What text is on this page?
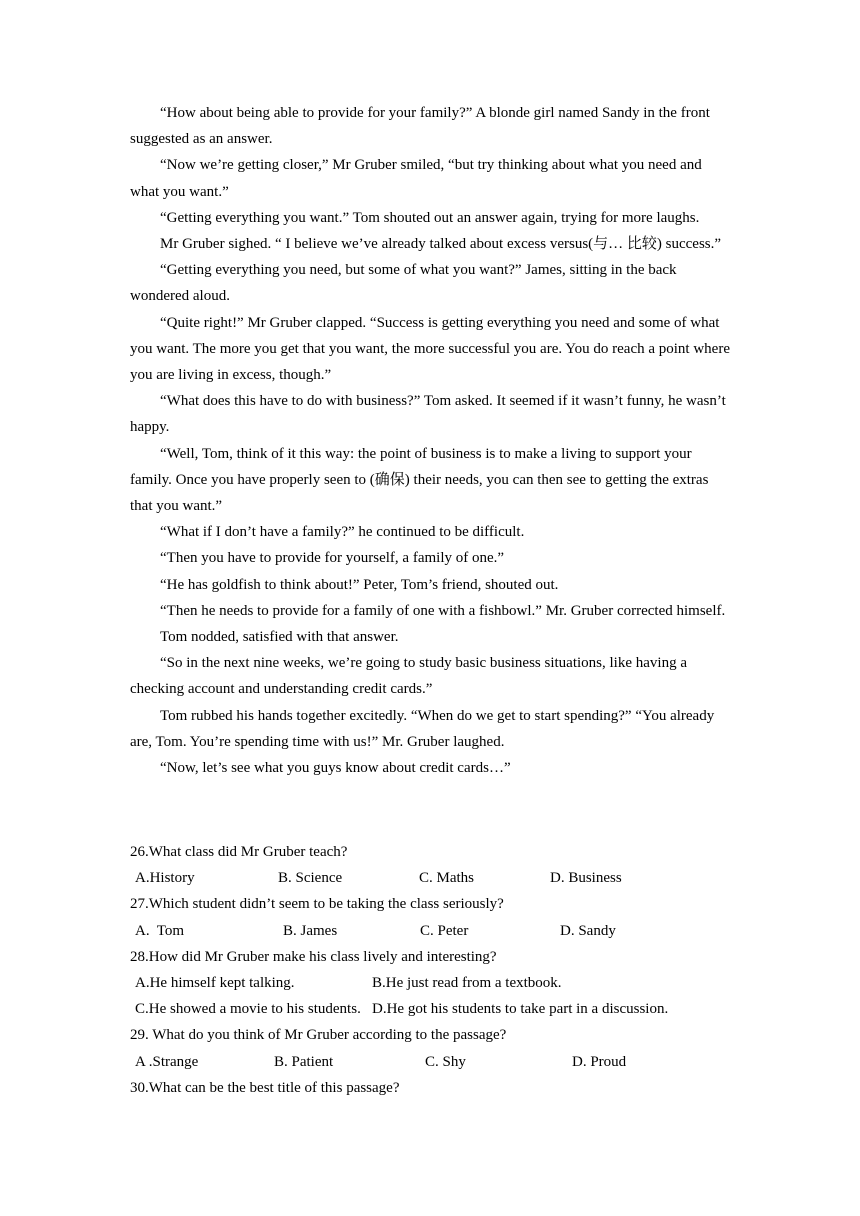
“How about being able to provide for your family?” A blonde girl named Sandy in the front suggested as an answer.

“Now we’re getting closer,” Mr Gruber smiled, “but try thinking about what you need and what you want.”

“Getting everything you want.” Tom shouted out an answer again, trying for more laughs.

Mr Gruber sighed. “ I believe we’ve already talked about excess versus(与… 比较) success.”

“Getting everything you need, but some of what you want?” James, sitting in the back wondered aloud.

“Quite right!” Mr Gruber clapped. “Success is getting everything you need and some of what you want. The more you get that you want, the more successful you are. You do reach a point where you are living in excess, though.”

“What does this have to do with business?” Tom asked. It seemed if it wasn’t funny, he wasn’t happy.

“Well, Tom, think of it this way: the point of business is to make a living to support your family. Once you have properly seen to (确保) their needs, you can then see to getting the extras that you want.”

“What if I don’t have a family?” he continued to be difficult.

“Then you have to provide for yourself, a family of one.”

“He has goldfish to think about!” Peter, Tom’s friend, shouted out.

“Then he needs to provide for a family of one with a fishbowl.” Mr. Gruber corrected himself.

Tom nodded, satisfied with that answer.

“So in the next nine weeks, we’re going to study basic business situations, like having a checking account and understanding credit cards.”

Tom rubbed his hands together excitedly. “When do we get to start spending?” “You already are, Tom. You’re spending time with us!” Mr. Gruber laughed.

“Now, let’s see what you guys know about credit cards…”

26.What class did Mr Gruber teach?

A.History	B. Science	C. Maths	D. Business

27.Which student didn’t seem to be taking the class seriously?

A.  Tom	B. James	C. Peter	D. Sandy

28.How did Mr Gruber make his class lively and interesting?

A.He himself kept talking.	B.He just read from a textbook.
C.He showed a movie to his students. D.He got his students to take part in a discussion.

29. What do you think of Mr Gruber according to the passage?

A .Strange	B. Patient	C. Shy	D. Proud

30.What can be the best title of this passage?
